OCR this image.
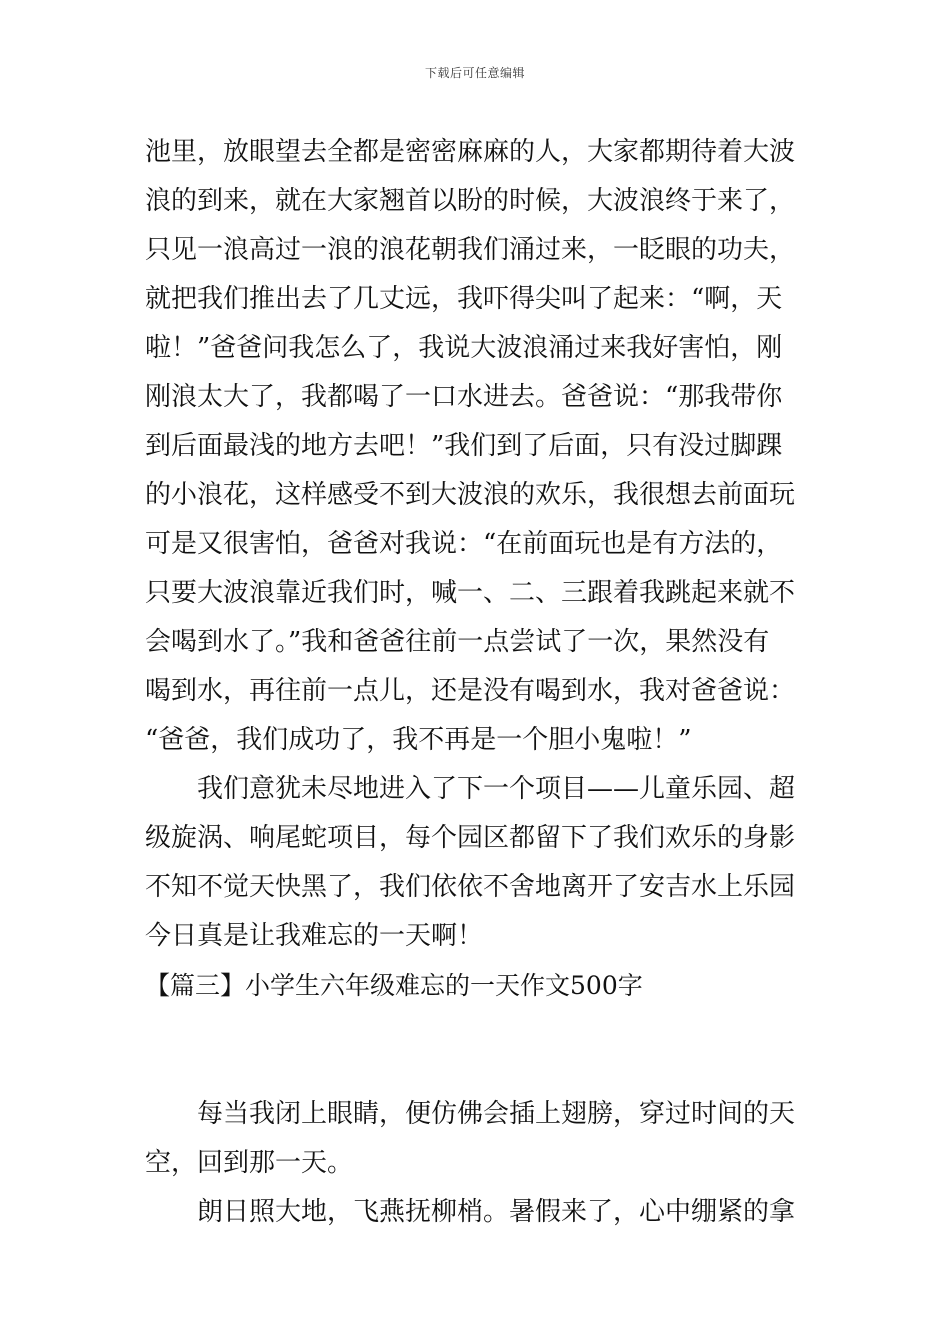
下载后可任意编辑
池里，放眼望去全都是密密麻麻的人，大家都期待着大波
浪的到来，就在大家翘首以盼的时候，大波浪终于来了，
只见一浪高过一浪的浪花朝我们涌过来，一眨眼的功夫，
就把我们推出去了几丈远，我吓得尖叫了起来：“啊，天
啦！”爸爸问我怎么了，我说大波浪涌过来我好害怕，刚
刚浪太大了，我都喝了一口水进去。爸爸说：“那我带你
到后面最浅的地方去吧！”我们到了后面，只有没过脚踝
的小浪花，这样感受不到大波浪的欢乐，我很想去前面玩
可是又很害怕，爸爸对我说：“在前面玩也是有方法的，
只要大波浪靠近我们时，喊一、二、三跟着我跳起来就不
会喝到水了。”我和爸爸往前一点尝试了一次，果然没有
喝到水，再往前一点儿，还是没有喝到水，我对爸爸说：
“爸爸，我们成功了，我不再是一个胆小鬼啦！”
我们意犹未尽地进入了下一个项目——儿童乐园、超
级旋涡、响尾蛇项目，每个园区都留下了我们欢乐的身影
不知不觉天快黑了，我们依依不舍地离开了安吉水上乐园
今日真是让我难忘的一天啊！
【篇三】小学生六年级难忘的一天作文500字
每当我闭上眼睛，便仿佛会插上翅膀，穿过时间的天
空，回到那一天。
朗日照大地，飞燕抚柳梢。暑假来了，心中绷紧的拿
